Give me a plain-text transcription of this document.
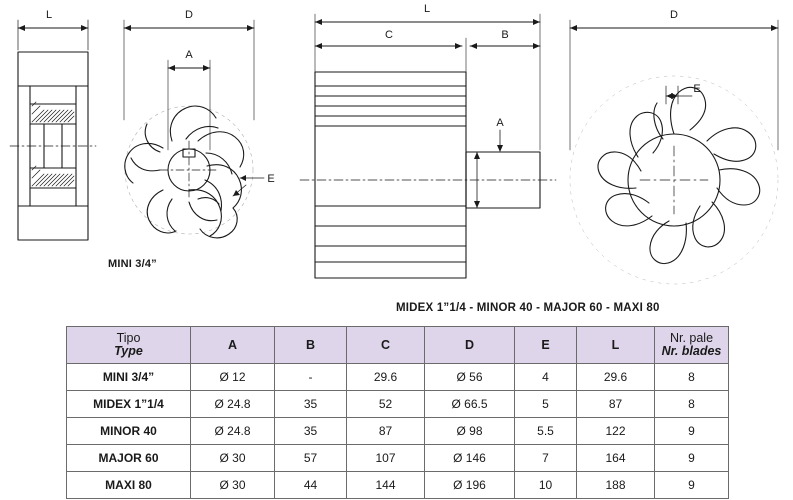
L	D
A
E
L
C	B
A
D
E
MINI 3/4”
MIDEX 1”1/4 - MINOR 40 - MAJOR 60 - MAXI 80
Tipo
Type	A	B	C	D	E	L	Nr. pale
Nr. blades

MINI 3/4”	Ø 12	-	29.6	Ø 56	4	29.6	8
MIDEX 1”1/4	Ø 24.8	35	52	Ø 66.5	5	87	8
MINOR 40	Ø 24.8	35	87	Ø 98	5.5	122	9
MAJOR 60	Ø 30	57	107	Ø 146	7	164	9
MAXI 80	Ø 30	44	144	Ø 196	10	188	9
